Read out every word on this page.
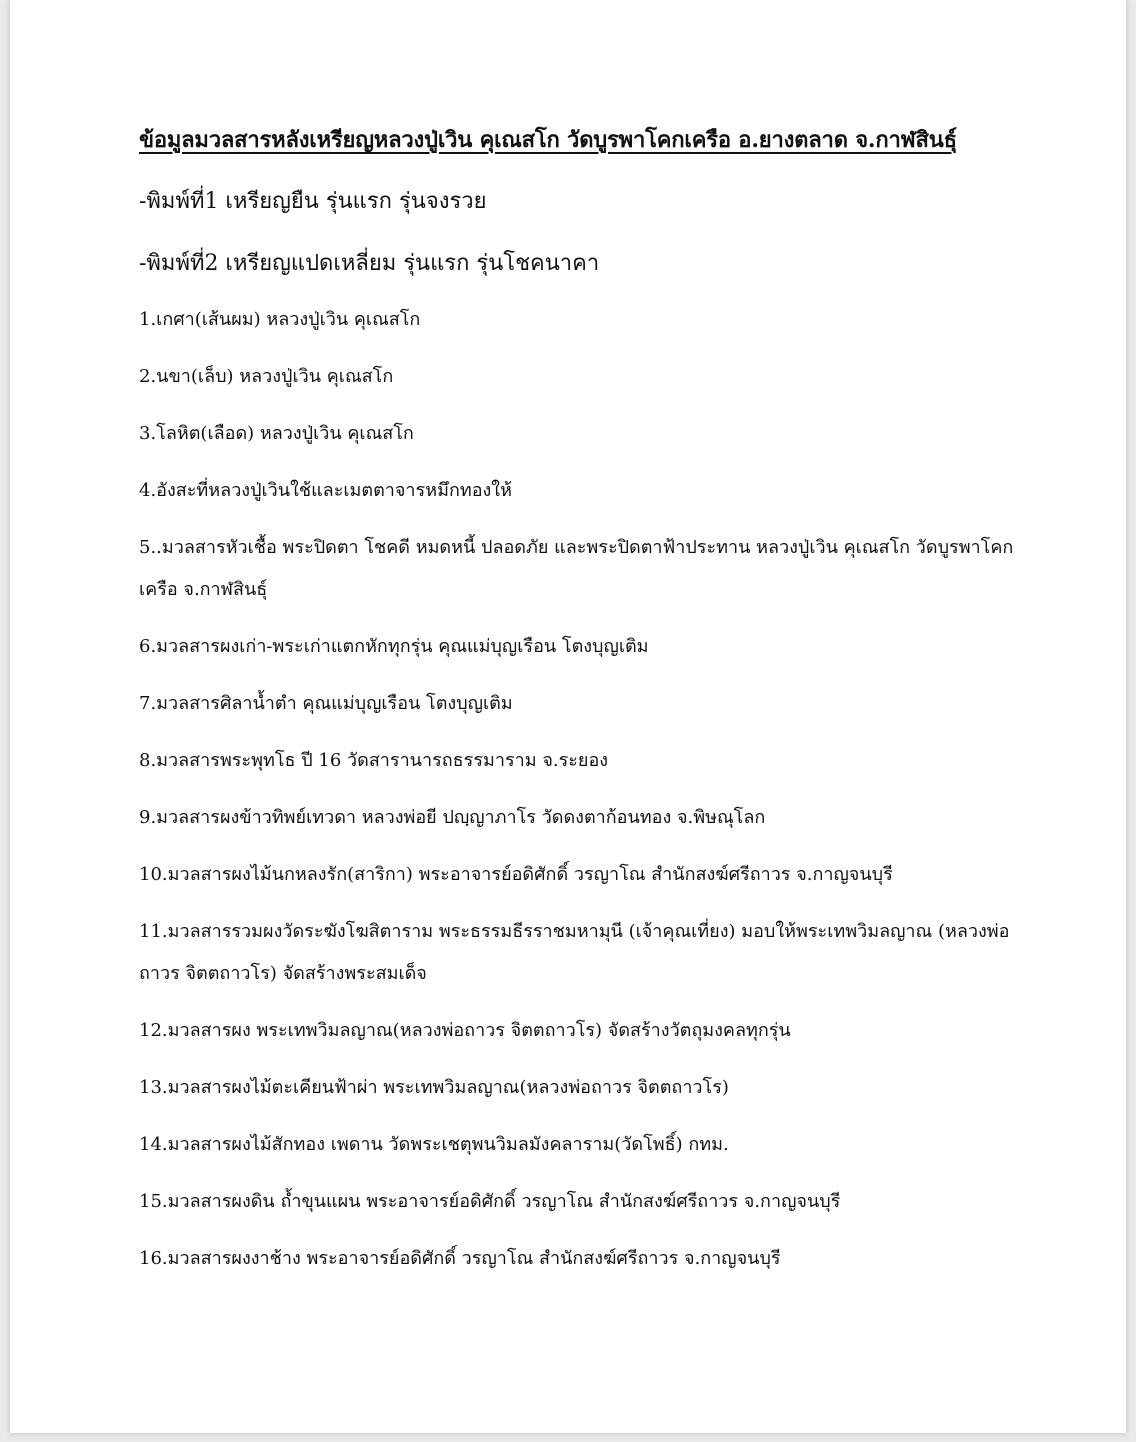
ข้อมูลมวลสารหลังเหรียญหลวงปู่เวิน คุเณสโก วัดบูรพาโคกเครือ อ.ยางตลาด จ.กาฬสินธุ์
-พิมพ์ที่1 เหรียญยืน รุ่นแรก รุ่นจงรวย
-พิมพ์ที่2 เหรียญแปดเหลี่ยม รุ่นแรก รุ่นโชคนาคา
1.เกศา(เส้นผม) หลวงปู่เวิน คุเณสโก
2.นขา(เล็บ) หลวงปู่เวิน คุเณสโก
3.โลหิต(เลือด) หลวงปู่เวิน คุเณสโก
4.อังสะที่หลวงปู่เวินใช้และเมตตาจารหมึกทองให้
5..มวลสารหัวเชื้อ พระปิดตา โชคดี หมดหนี้ ปลอดภัย และพระปิดตาฟ้าประทาน หลวงปู่เวิน คุเณสโก วัดบูรพาโคกเครือ จ.กาฬสินธุ์
6.มวลสารผงเก่า-พระเก่าแตกหักทุกรุ่น คุณแม่บุญเรือน โตงบุญเติม
7.มวลสารศิลาน้ำตำ คุณแม่บุญเรือน โตงบุญเติม
8.มวลสารพระพุทโธ ปี 16 วัดสารานารถธรรมาราม จ.ระยอง
9.มวลสารผงข้าวทิพย์เทวดา หลวงพ่อยี ปญฺญาภาโร วัดดงตาก้อนทอง จ.พิษณุโลก
10.มวลสารผงไม้นกหลงรัก(สาริกา) พระอาจารย์อดิศักดิ์ วรญาโณ สำนักสงฆ์ศรีถาวร จ.กาญจนบุรี
11.มวลสารรวมผงวัดระฆังโฆสิตาราม พระธรรมธีรราชมหามุนี (เจ้าคุณเที่ยง) มอบให้พระเทพวิมลญาณ (หลวงพ่อถาวร จิตตถาวโร) จัดสร้างพระสมเด็จ
12.มวลสารผง พระเทพวิมลญาณ(หลวงพ่อถาวร จิตตถาวโร) จัดสร้างวัตถุมงคลทุกรุ่น
13.มวลสารผงไม้ตะเคียนฟ้าผ่า พระเทพวิมลญาณ(หลวงพ่อถาวร จิตตถาวโร)
14.มวลสารผงไม้สักทอง เพดาน วัดพระเชตุพนวิมลมังคลาราม(วัดโพธิ์) กทม.
15.มวลสารผงดิน ถ้ำขุนแผน พระอาจารย์อดิศักดิ์ วรญาโณ สำนักสงฆ์ศรีถาวร จ.กาญจนบุรี
16.มวลสารผงงาช้าง พระอาจารย์อดิศักดิ์ วรญาโณ สำนักสงฆ์ศรีถาวร จ.กาญจนบุรี
